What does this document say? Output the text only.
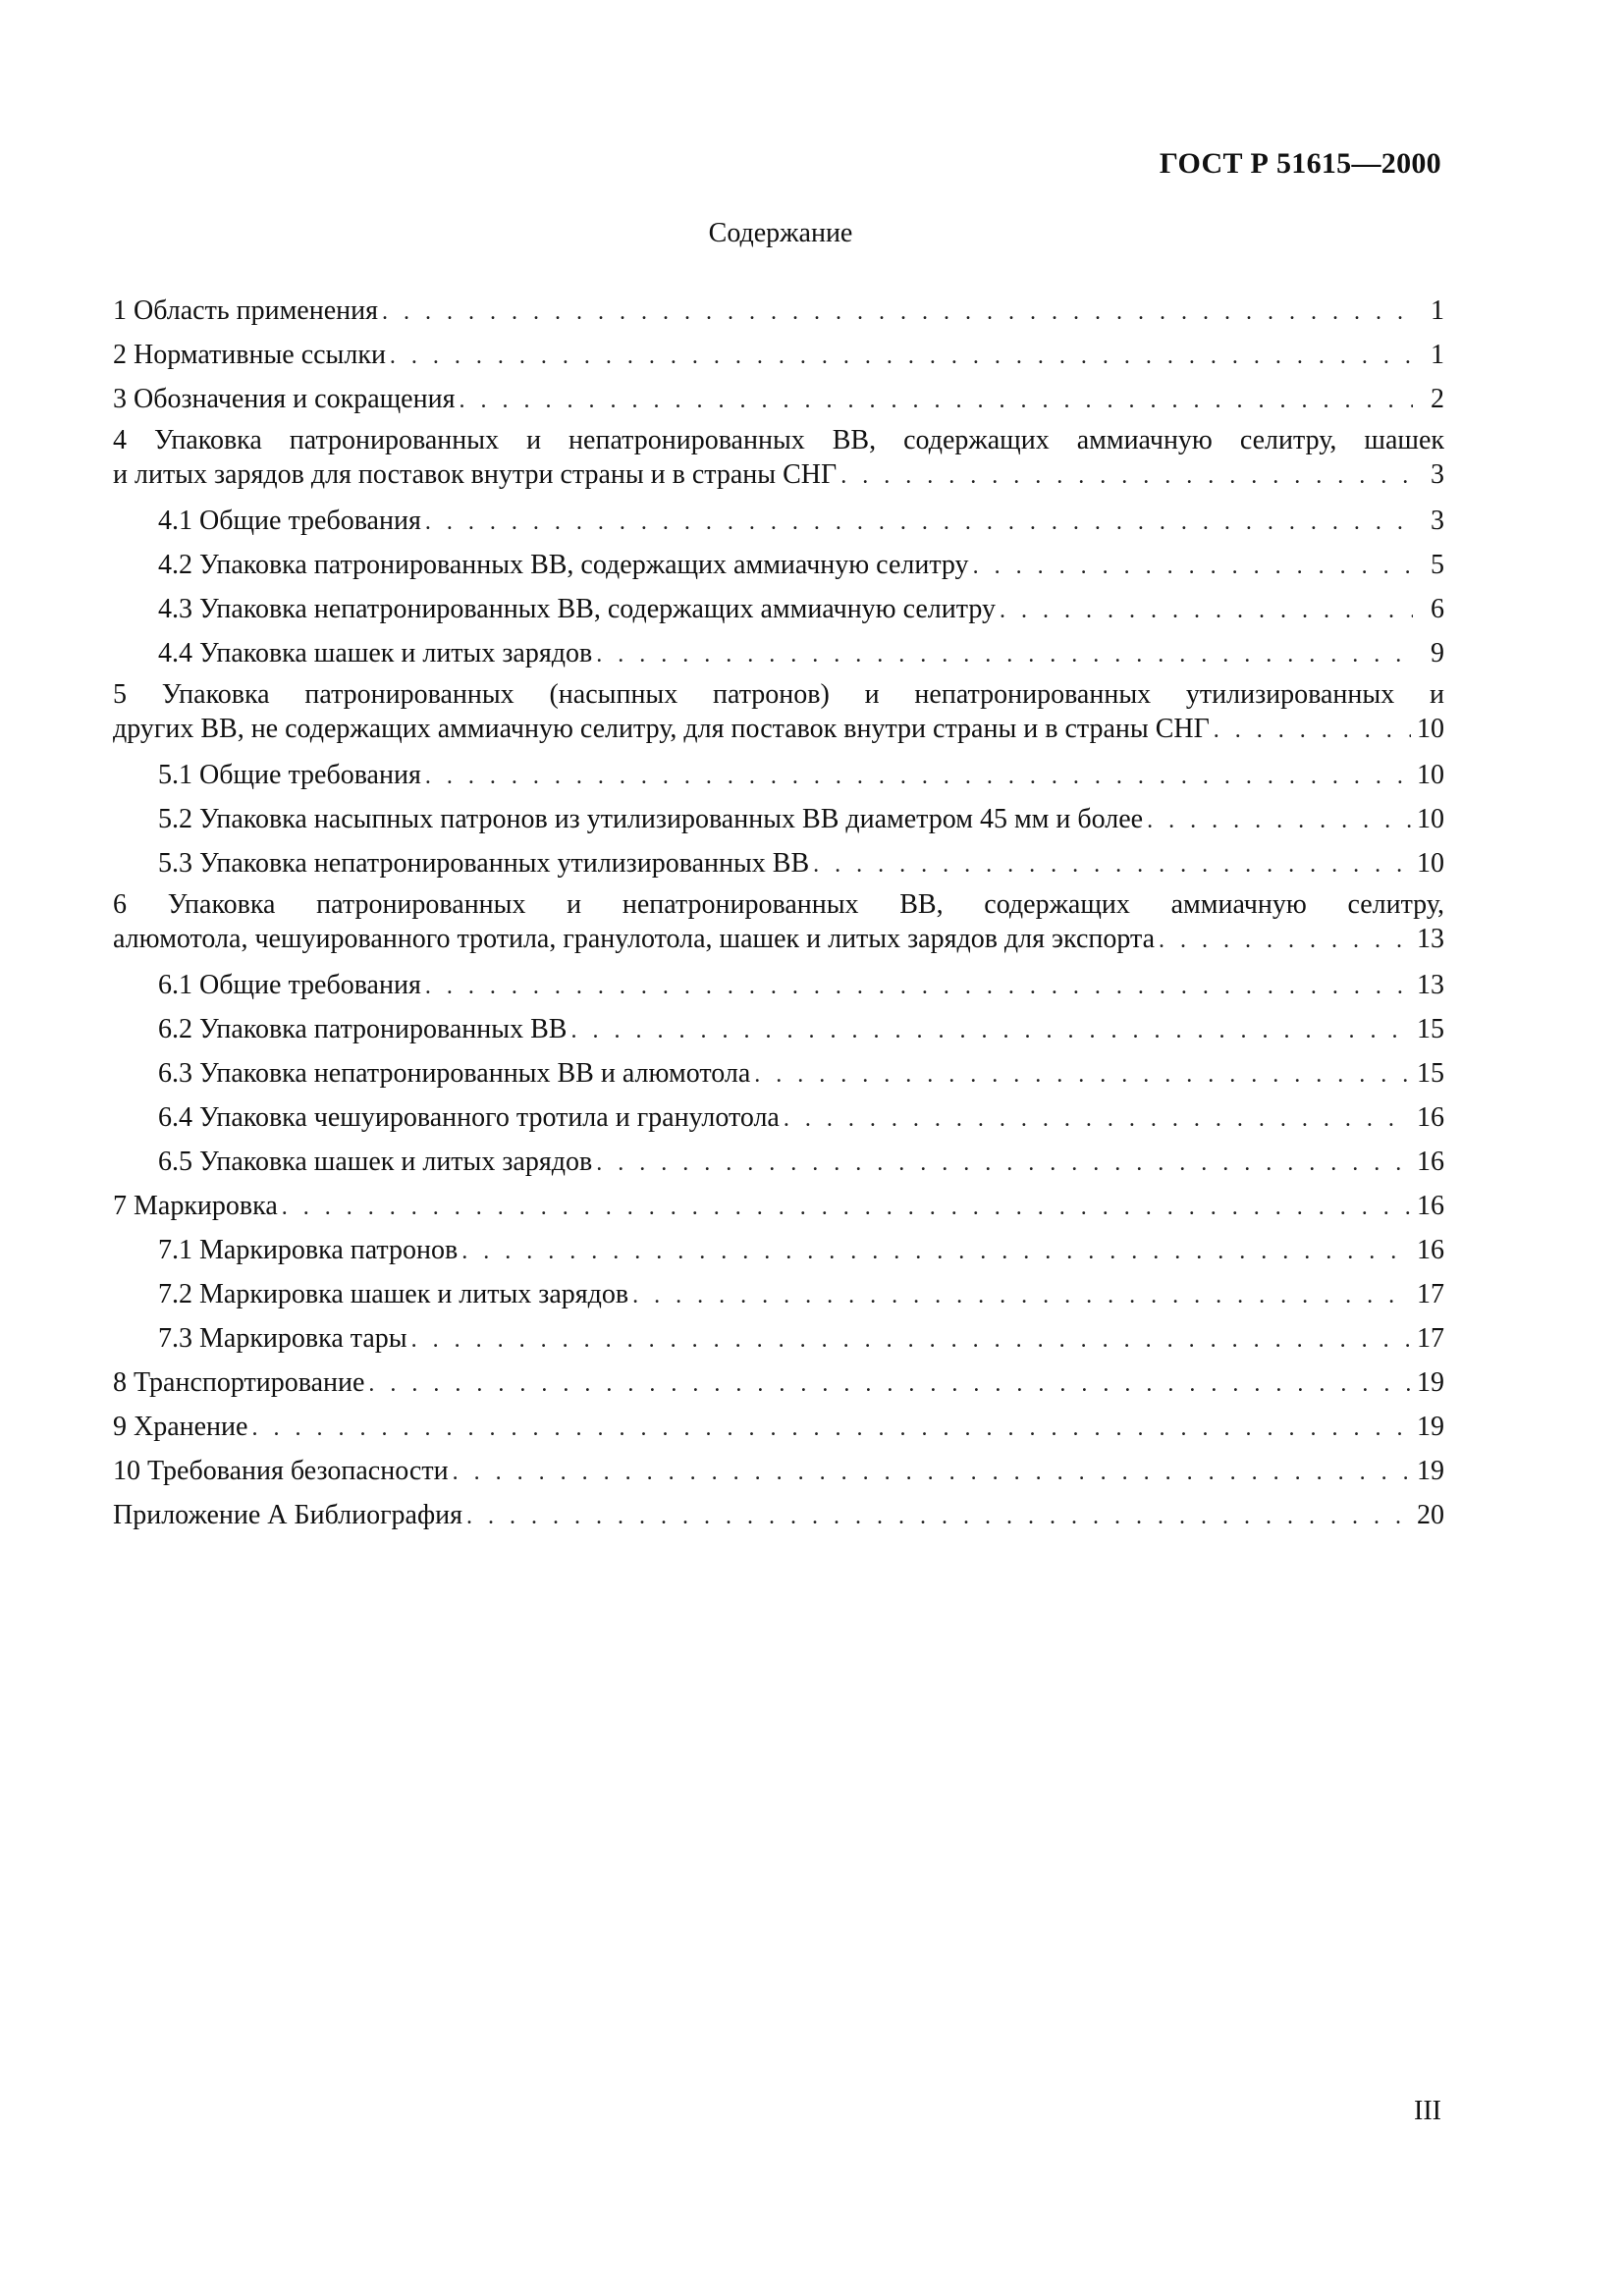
ГОСТ Р 51615—2000
Содержание
1 Область применения . . .	1
2 Нормативные ссылки . . .	1
3 Обозначения и сокращения . . .	2
4 Упаковка патронированных и непатронированных ВВ, содержащих аммиачную селитру, шашек
и литых зарядов для поставок внутри страны и в страны СНГ . . .	3
4.1 Общие требования . . .	3
4.2 Упаковка патронированных ВВ, содержащих аммиачную селитру . . .	5
4.3 Упаковка непатронированных ВВ, содержащих аммиачную селитру . . .	6
4.4 Упаковка шашек и литых зарядов . . .	9
5 Упаковка патронированных (насыпных патронов) и непатронированных утилизированных и
других ВВ, не содержащих аммиачную селитру, для поставок внутри страны и в страны СНГ . . .	10
5.1 Общие требования . . .	10
5.2 Упаковка насыпных патронов из утилизированных ВВ диаметром 45 мм и более . . .	10
5.3 Упаковка непатронированных утилизированных ВВ . . .	10
6 Упаковка патронированных и непатронированных ВВ, содержащих аммиачную селитру,
алюмотола, чешуированного тротила, гранулотола, шашек и литых зарядов для экспорта . . .	13
6.1 Общие требования . . .	13
6.2 Упаковка патронированных ВВ . . .	15
6.3 Упаковка непатронированных ВВ и алюмотола . . .	15
6.4 Упаковка чешуированного тротила и гранулотола . . .	16
6.5 Упаковка шашек и литых зарядов . . .	16
7 Маркировка . . .	16
7.1 Маркировка патронов . . .	16
7.2 Маркировка шашек и литых зарядов . . .	17
7.3 Маркировка тары . . .	17
8 Транспортирование . . .	19
9 Хранение . . .	19
10 Требования безопасности . . .	19
Приложение А Библиография . . .	20
III
